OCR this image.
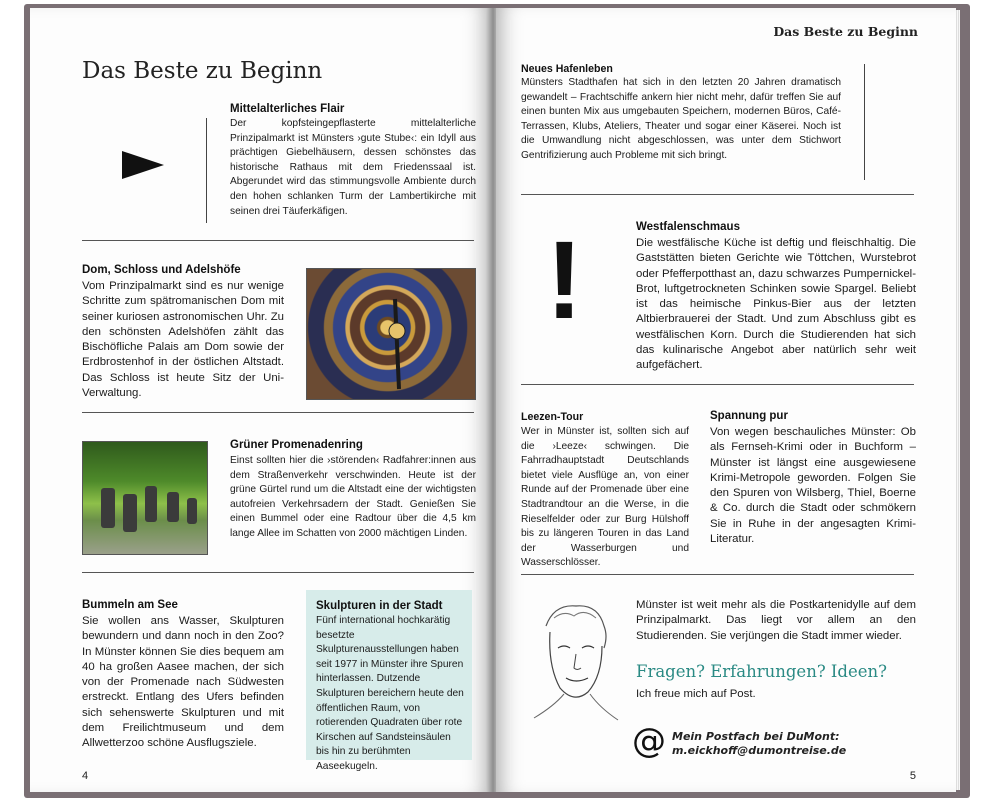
Das Beste zu Beginn
Mittelalterliches Flair
Der kopfsteingepflasterte mittelalterliche Prinzipalmarkt ist Münsters ›gute Stube‹: ein Idyll aus prächtigen Giebelhäusern, dessen schönstes das historische Rathaus mit dem Friedenssaal ist. Abgerundet wird das stimmungsvolle Ambiente durch den hohen schlanken Turm der Lambertikirche mit seinen drei Täuferkäfigen.
Dom, Schloss und Adelshöfe
Vom Prinzipalmarkt sind es nur wenige Schritte zum spätromanischen Dom mit seiner kuriosen astronomischen Uhr. Zu den schönsten Adelshöfen zählt das Bischöfliche Palais am Dom sowie der Erdbrostenhof in der östlichen Altstadt. Das Schloss ist heute Sitz der Uni-Verwaltung.
Grüner Promenadenring
Einst sollten hier die ›störenden‹ Radfahrer:innen aus dem Straßenverkehr verschwinden. Heute ist der grüne Gürtel rund um die Altstadt eine der wichtigsten autofreien Verkehrsadern der Stadt. Genießen Sie einen Bummel oder eine Radtour über die 4,5 km lange Allee im Schatten von 2000 mächtigen Linden.
Bummeln am See
Sie wollen ans Wasser, Skulpturen bewundern und dann noch in den Zoo? In Münster können Sie dies bequem am 40 ha großen Aasee machen, der sich von der Promenade nach Südwesten erstreckt. Entlang des Ufers befinden sich sehenswerte Skulpturen und mit dem Freilichtmuseum und dem Allwetterzoo schöne Ausflugsziele.
Skulpturen in der Stadt
Fünf international hochkarätig besetzte Skulpturenausstellungen haben seit 1977 in Münster ihre Spuren hinterlassen. Dutzende Skulpturen bereichern heute den öffentlichen Raum, von rotierenden Quadraten über rote Kirschen auf Sandsteinsäulen bis hin zu berühmten Aaseekugeln.
4
Das Beste zu Beginn
Neues Hafenleben
Münsters Stadthafen hat sich in den letzten 20 Jahren dramatisch gewandelt – Frachtschiffe ankern hier nicht mehr, dafür treffen Sie auf einen bunten Mix aus umgebauten Speichern, modernen Büros, Café-Terrassen, Klubs, Ateliers, Theater und sogar einer Käserei. Noch ist die Umwandlung nicht abgeschlossen, was unter dem Stichwort Gentrifizierung auch Probleme mit sich bringt.
!	Westfalenschmaus
Die westfälische Küche ist deftig und fleischhaltig. Die Gaststätten bieten Gerichte wie Töttchen, Wurstebrot oder Pfefferpotthast an, dazu schwarzes Pumpernickel-Brot, luftgetrockneten Schinken sowie Spargel. Beliebt ist das heimische Pinkus-Bier aus der letzten Altbierbrauerei der Stadt. Und zum Abschluss gibt es westfälischen Korn. Durch die Studierenden hat sich das kulinarische Angebot aber natürlich sehr weit aufgefächert.
Leezen-Tour
Wer in Münster ist, sollten sich auf die ›Leeze‹ schwingen. Die Fahrradhauptstadt Deutschlands bietet viele Ausflüge an, von einer Runde auf der Promenade über eine Stadtrandtour an die Werse, in die Rieselfelder oder zur Burg Hülshoff bis zu längeren Touren in das Land der Wasserburgen und Wasserschlösser.
Spannung pur
Von wegen beschauliches Münster: Ob als Fernseh-Krimi oder in Buchform – Münster ist längst eine ausgewiesene Krimi-Metropole geworden. Folgen Sie den Spuren von Wilsberg, Thiel, Boerne & Co. durch die Stadt oder schmökern Sie in Ruhe in der angesagten Krimi-Literatur.
Münster ist weit mehr als die Postkartenidylle auf dem Prinzipalmarkt. Das liegt vor allem an den Studierenden. Sie verjüngen die Stadt immer wieder.
Fragen? Erfahrungen? Ideen?
Ich freue mich auf Post.
@ Mein Postfach bei DuMont:
m.eickhoff@dumontreise.de
5
